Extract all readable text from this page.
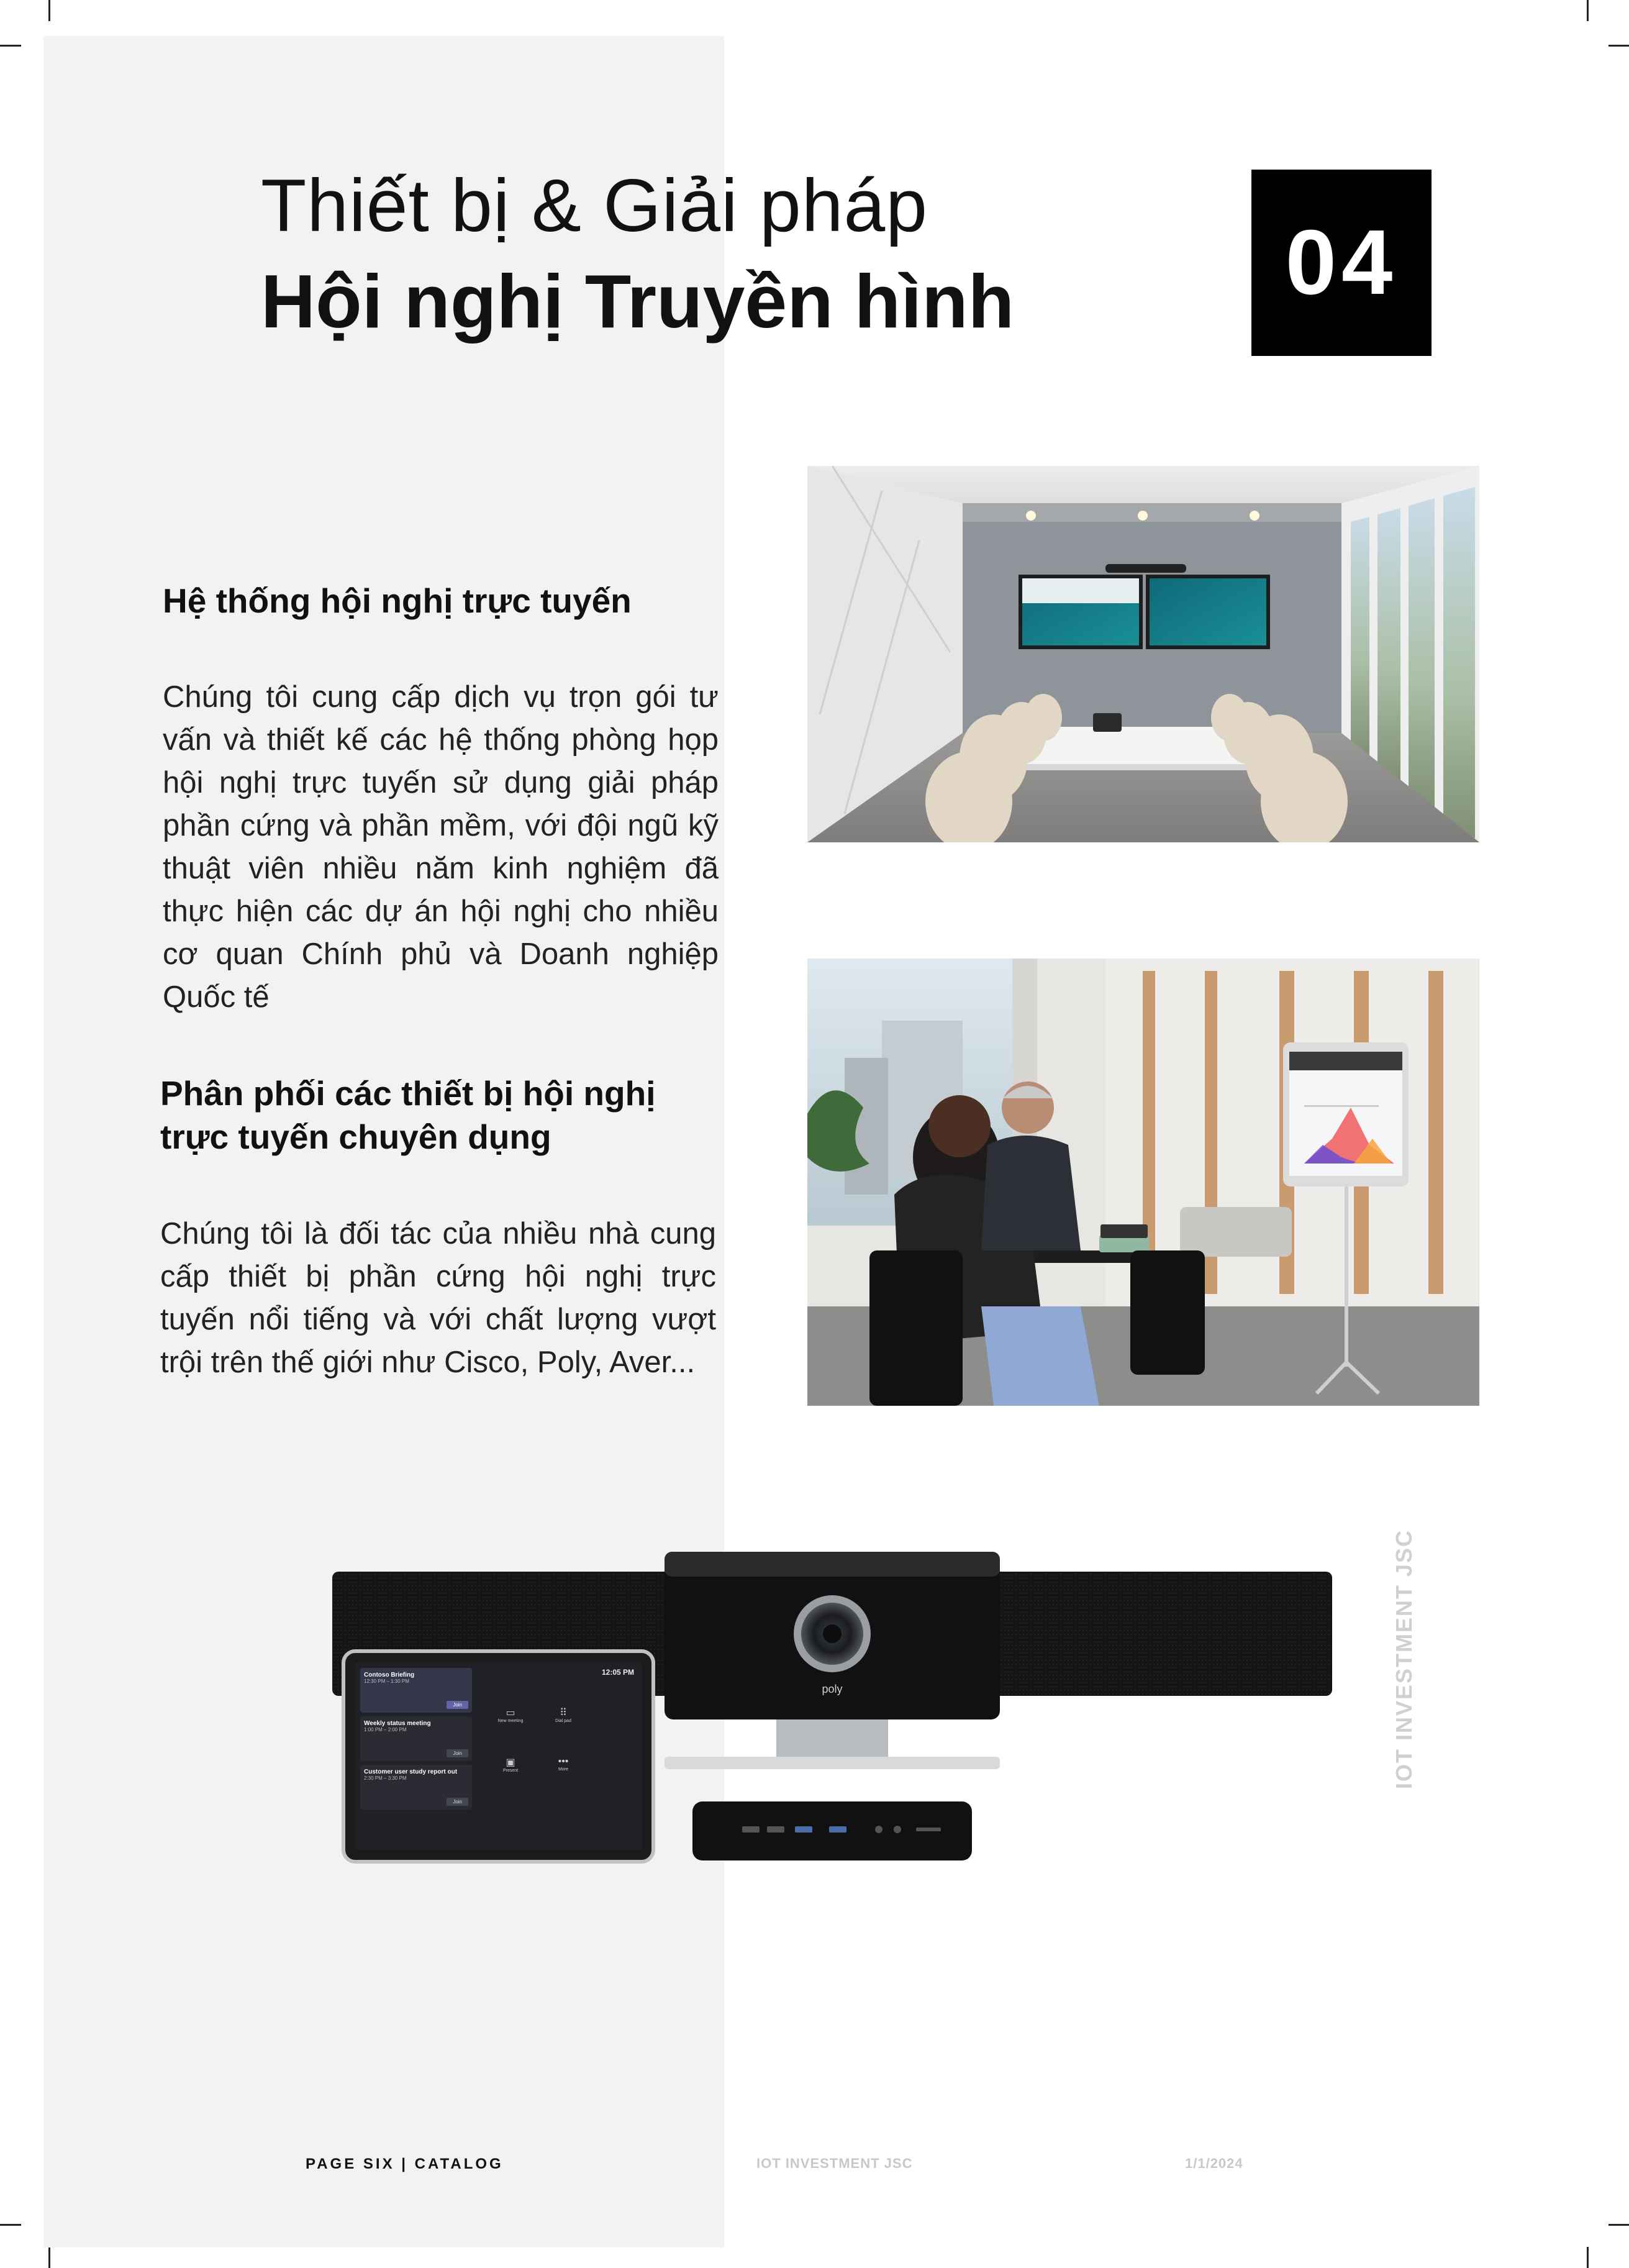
Thiết bị & Giải pháp
Hội nghị Truyền hình	04
Hệ thống hội nghị trực tuyến
Chúng tôi cung cấp dịch vụ trọn gói tư vấn và thiết kế các hệ thống phòng họp hội nghị trực tuyến sử dụng giải pháp phần cứng và phần mềm, với đội ngũ kỹ thuật viên nhiều năm kinh nghiệm đã thực hiện các dự án hội nghị cho nhiều cơ quan Chính phủ và Doanh nghiệp Quốc tế
Phân phối các thiết bị hội nghị
trực tuyến chuyên dụng
Chúng tôi là đối tác của nhiều nhà cung cấp thiết bị phần cứng hội nghị trực tuyến nổi tiếng và với chất lượng vượt trội trên thế giới như Cisco, Poly, Aver...
poly
12:05 PM
Contoso Briefing
12:30 PM – 1:30 PM
Join
Weekly status meeting
1:00 PM – 2:00 PM
Join
Customer user study report out
2:30 PM – 3:30 PM
Join
▭
New meeting
⠿
Dial pad
▣
Present
•••
More	IOT INVESTMENT JSC
PAGE SIX | CATALOG	IOT INVESTMENT JSC	1/1/2024
